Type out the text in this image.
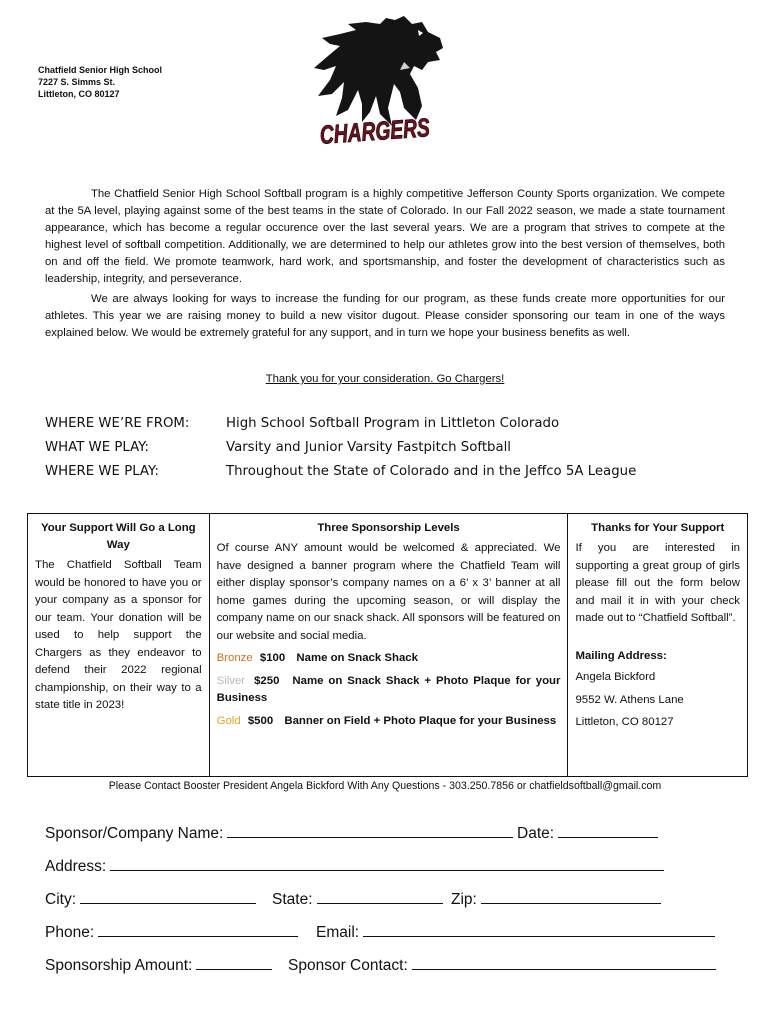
Chatfield Senior High School
7227 S. Simms St.
Littleton, CO 80127
CHARGERS

The Chatfield Senior High School Softball program is a highly competitive Jefferson County Sports organization. We compete at the 5A level, playing against some of the best teams in the state of Colorado. In our Fall 2022 season, we made a state tournament appearance, which has become a regular occurence over the last several years. We are a program that strives to compete at the highest level of softball competition. Additionally, we are determined to help our athletes grow into the best version of themselves, both on and off the field. We promote teamwork, hard work, and sportsmanship, and foster the development of characteristics such as leadership, integrity, and perseverance.

We are always looking for ways to increase the funding for our program, as these funds create more opportunities for our athletes. This year we are raising money to build a new visitor dugout. Please consider sponsoring our team in one of the ways explained below. We would be extremely grateful for any support, and in turn we hope your business benefits as well.

Thank you for your consideration. Go Chargers!
WHERE WE’RE FROM:	High School Softball Program in Littleton Colorado
WHAT WE PLAY:	Varsity and Junior Varsity Fastpitch Softball
WHERE WE PLAY:	Throughout the State of Colorado and in the Jeffco 5A League
Your Support Will Go a Long Way
The Chatfield Softball Team would be honored to have you or your company as a sponsor for our team. Your donation will be used to help support the Chargers as they endeavor to defend their 2022 regional championship, on their way to a state title in 2023!

Three Sponsorship Levels
Of course ANY amount would be welcomed & appreciated. We have designed a banner program where the Chatfield Team will either display sponsor’s company names on a 6’ x 3’ banner at all home games during the upcoming season, or will display the company name on our snack shack. All sponsors will be featured on our website and social media.
Bronze $100 Name on Snack Shack
Silver $250 Name on Snack Shack + Photo Plaque for your Business
Gold $500 Banner on Field + Photo Plaque for your Business

Thanks for Your Support
If you are interested in supporting a great group of girls please fill out the form below and mail it in with your check made out to “Chatfield Softball”.
Mailing Address:
Angela Bickford
9552 W. Athens Lane
Littleton, CO 80127
Please Contact Booster President Angela Bickford With Any Questions - 303.250.7856 or chatfieldsoftball@gmail.com
Sponsor/Company Name:	Date:
Address:
City:	State:	Zip:
Phone:	Email:
Sponsorship Amount:	Sponsor Contact:
